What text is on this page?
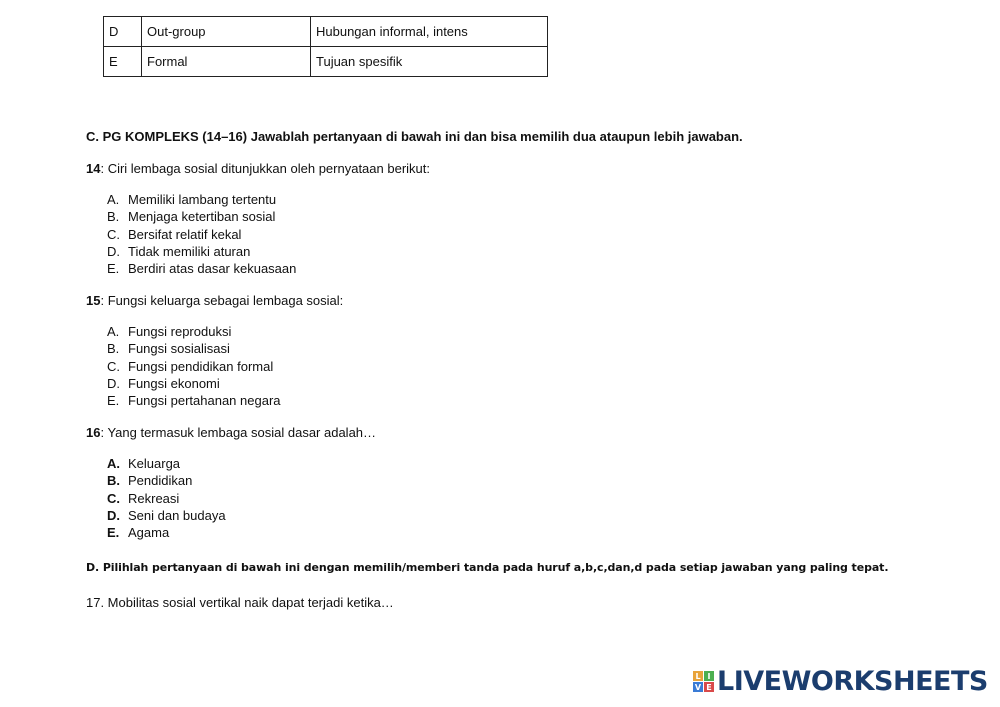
D	Out-group	Hubungan informal, intens
E	Formal	Tujuan spesifik
C. PG KOMPLEKS (14–16) Jawablah pertanyaan di bawah ini dan bisa memilih dua ataupun lebih jawaban.
14: Ciri lembaga sosial ditunjukkan oleh pernyataan berikut:
A. Memiliki lambang tertentu
B. Menjaga ketertiban sosial
C. Bersifat relatif kekal
D. Tidak memiliki aturan
E. Berdiri atas dasar kekuasaan
15: Fungsi keluarga sebagai lembaga sosial:
A. Fungsi reproduksi
B. Fungsi sosialisasi
C. Fungsi pendidikan formal
D. Fungsi ekonomi
E. Fungsi pertahanan negara
16: Yang termasuk lembaga sosial dasar adalah…
A. Keluarga
B. Pendidikan
C. Rekreasi
D. Seni dan budaya
E. Agama
D. Pilihlah pertanyaan di bawah ini dengan memilih/memberi tanda pada huruf a,b,c,dan,d pada setiap jawaban yang paling tepat.
17. Mobilitas sosial vertikal naik dapat terjadi ketika…
L I
V E LIVEWORKSHEETS
